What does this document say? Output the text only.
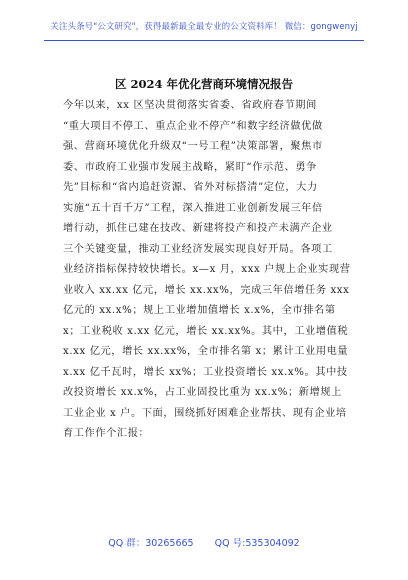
关注头条号"公文研究"，获得最新最全最专业的公文资料库！ 微信：gongwenyj
区 2024 年优化营商环境情况报告
今年以来，xx 区坚决贯彻落实省委、省政府春节期间
“重大项目不停工、重点企业不停产”和数字经济做优做
强、营商环境优化升级双“一号工程”决策部署，聚焦市
委、市政府工业强市发展主战略，紧盯“作示范、勇争
先”目标和“省内追赶资源、省外对标搭清”定位，大力
实施“五十百千万”工程，深入推进工业创新发展三年倍
增行动，抓住已建在技改、新建将投产和投产未满产企业
三个关键变量，推动工业经济发展实现良好开局。各项工
业经济指标保持较快增长。x—x 月，xxx 户规上企业实现营
业收入 xx.xx 亿元，增长 xx.xx%，完成三年倍增任务 xxx
亿元的 xx.x%；规上工业增加值增长 x.x%，全市排名第
x；工业税收 x.xx 亿元，增长 xx.xx%。其中，工业增值税
x.xx 亿元，增长 xx.xx%，全市排名第 x；累计工业用电量
x.xx 亿千瓦时，增长 xx%；工业投资增长 xx.x%。其中技
改投资增长 xx.x%，占工业固投比重为 xx.x%；新增规上
工业企业 x 户。下面，围绕抓好困难企业帮扶、现有企业培
育工作作个汇报：
QQ 群：30265665 QQ 号:535304092
